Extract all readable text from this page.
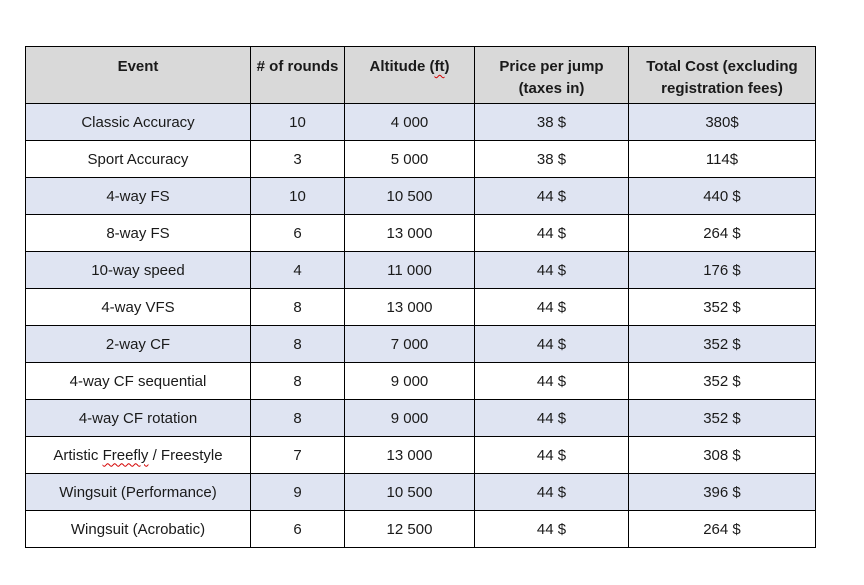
Event	# of rounds	Altitude (ft)	Price per jump (taxes in)	Total Cost (excluding registration fees)
Classic Accuracy	10	4 000	38 $	380$
Sport Accuracy	3	5 000	38 $	114$
4-way FS	10	10 500	44 $	440 $
8-way FS	6	13 000	44 $	264 $
10-way speed	4	11 000	44 $	176 $
4-way VFS	8	13 000	44 $	352 $
2-way CF	8	7 000	44 $	352 $
4-way CF sequential	8	9 000	44 $	352 $
4-way CF rotation	8	9 000	44 $	352 $
Artistic Freefly / Freestyle	7	13 000	44 $	308 $
Wingsuit (Performance)	9	10 500	44 $	396 $
Wingsuit (Acrobatic)	6	12 500	44 $	264 $
